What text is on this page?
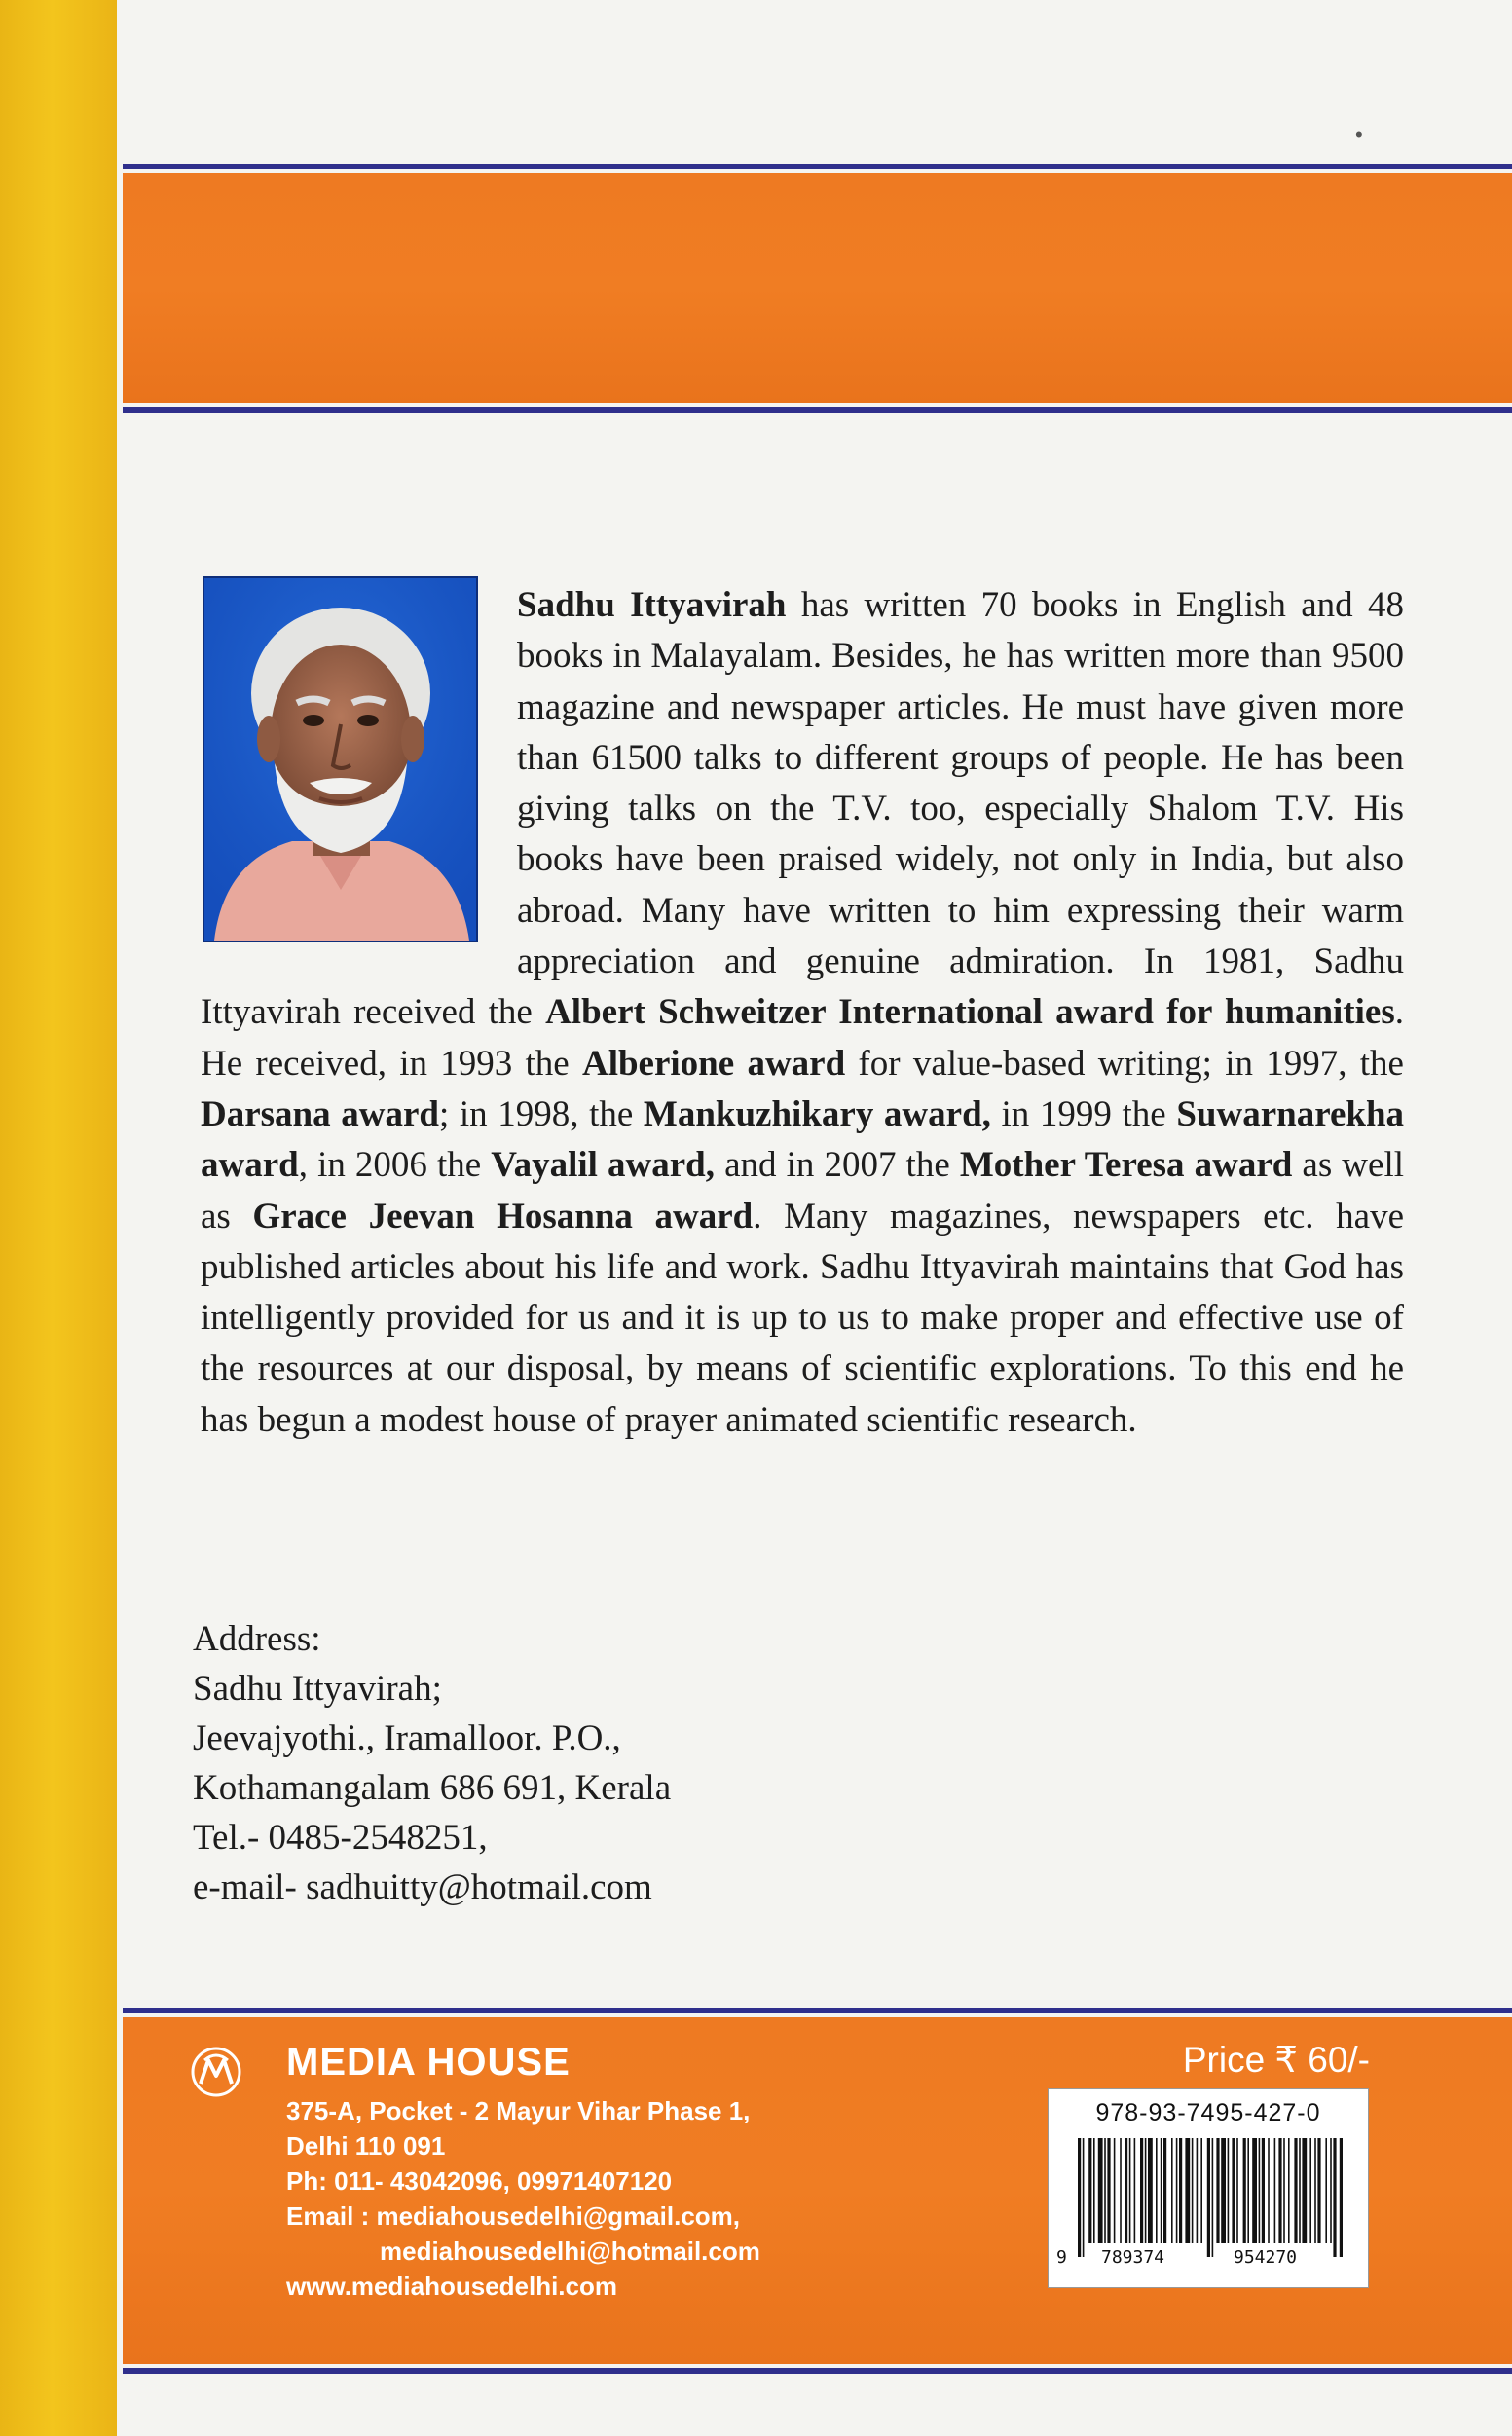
•

Sadhu Ittyavirah has written 70 books in English and 48 books in Malayalam. Besides, he has written more than 9500 magazine and newspaper articles. He must have given more than 61500 talks to different groups of people. He has been giving talks on the T.V. too, especially Shalom T.V. His books have been praised widely, not only in India, but also abroad. Many have written to him expressing their warm appreciation and genuine admiration. In 1981, Sadhu Ittyavirah received the Albert Schweitzer International award for humanities. He received, in 1993 the Alberione award for value-based writing; in 1997, the Darsana award; in 1998, the Mankuzhikary award, in 1999 the Suwarnarekha award, in 2006 the Vayalil award, and in 2007 the Mother Teresa award as well as Grace Jeevan Hosanna award. Many magazines, newspapers etc. have published articles about his life and work. Sadhu Ittyavirah maintains that God has intelligently provided for us and it is up to us to make proper and effective use of the resources at our disposal, by means of scientific explorations. To this end he has begun a modest house of prayer animated scientific research.

Address:
Sadhu Ittyavirah;
Jeevajyothi., Iramalloor. P.O.,
Kothamangalam 686 691, Kerala
Tel.- 0485-2548251,
e-mail- sadhuitty@hotmail.com
MEDIA HOUSE
375-A, Pocket - 2 Mayur Vihar Phase 1,
Delhi 110 091
Ph: 011- 43042096, 09971407120
Email : mediahousedelhi@gmail.com,
mediahousedelhi@hotmail.com
www.mediahousedelhi.com
Price ₹ 60/-
978-93-7495-427-0
9 789374	954270
